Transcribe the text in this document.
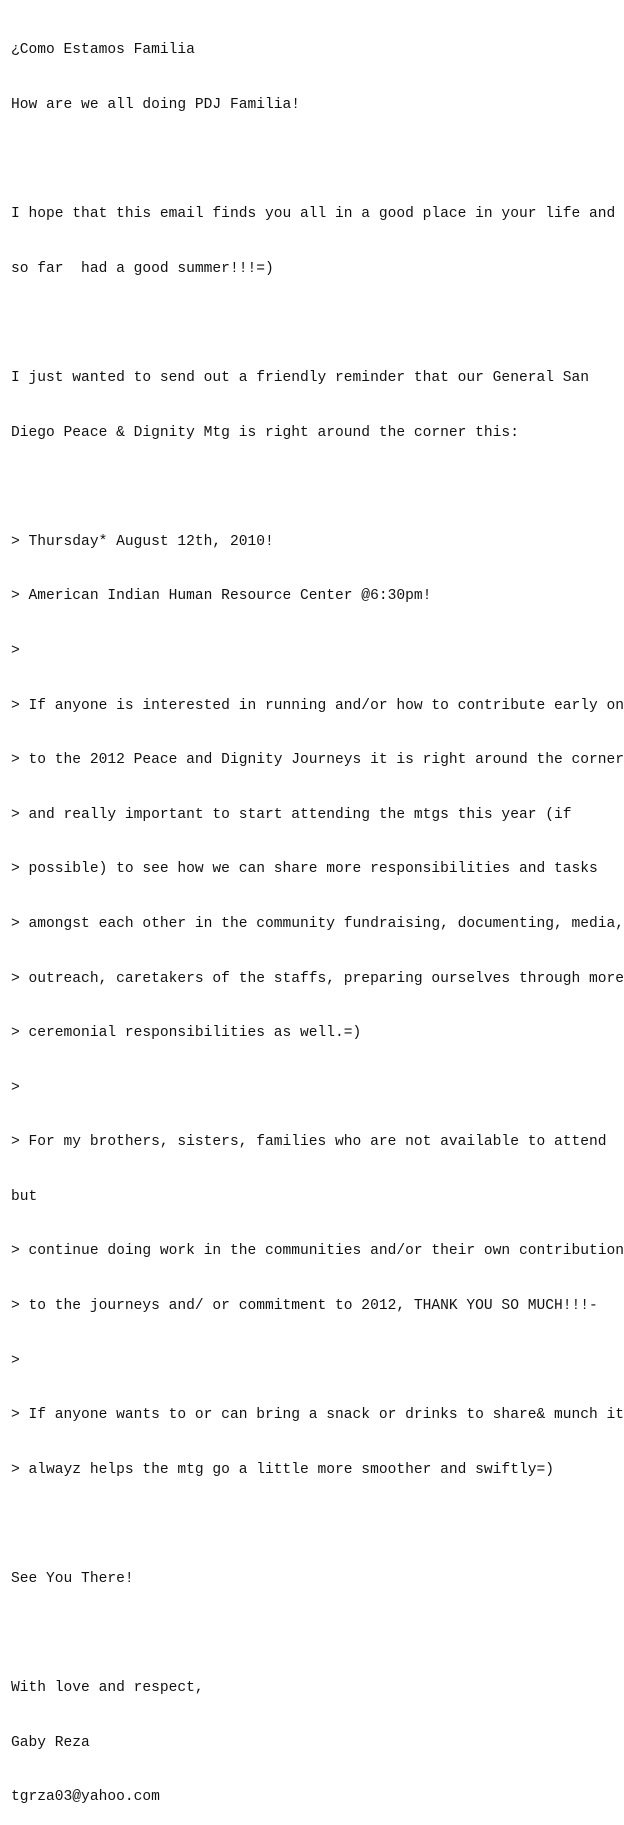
¿Como Estamos Familia

How are we all doing PDJ Familia!

I hope that this email finds you all in a good place in your life and

so far  had a good summer!!!=)

I just wanted to send out a friendly reminder that our General San

Diego Peace & Dignity Mtg is right around the corner this:

> Thursday* August 12th, 2010!

> American Indian Human Resource Center @6:30pm!

>

> If anyone is interested in running and/or how to contribute early on

> to the 2012 Peace and Dignity Journeys it is right around the corner

> and really important to start attending the mtgs this year (if

> possible) to see how we can share more responsibilities and tasks

> amongst each other in the community fundraising, documenting, media,

> outreach, caretakers of the staffs, preparing ourselves through more

> ceremonial responsibilities as well.=)

>

> For my brothers, sisters, families who are not available to attend

but

> continue doing work in the communities and/or their own contribution

> to the journeys and/ or commitment to 2012, THANK YOU SO MUCH!!!-

>

> If anyone wants to or can bring a snack or drinks to share& munch it

> alwayz helps the mtg go a little more smoother and swiftly=)

See You There!

With love and respect,

Gaby Reza

tgrza03@yahoo.com
